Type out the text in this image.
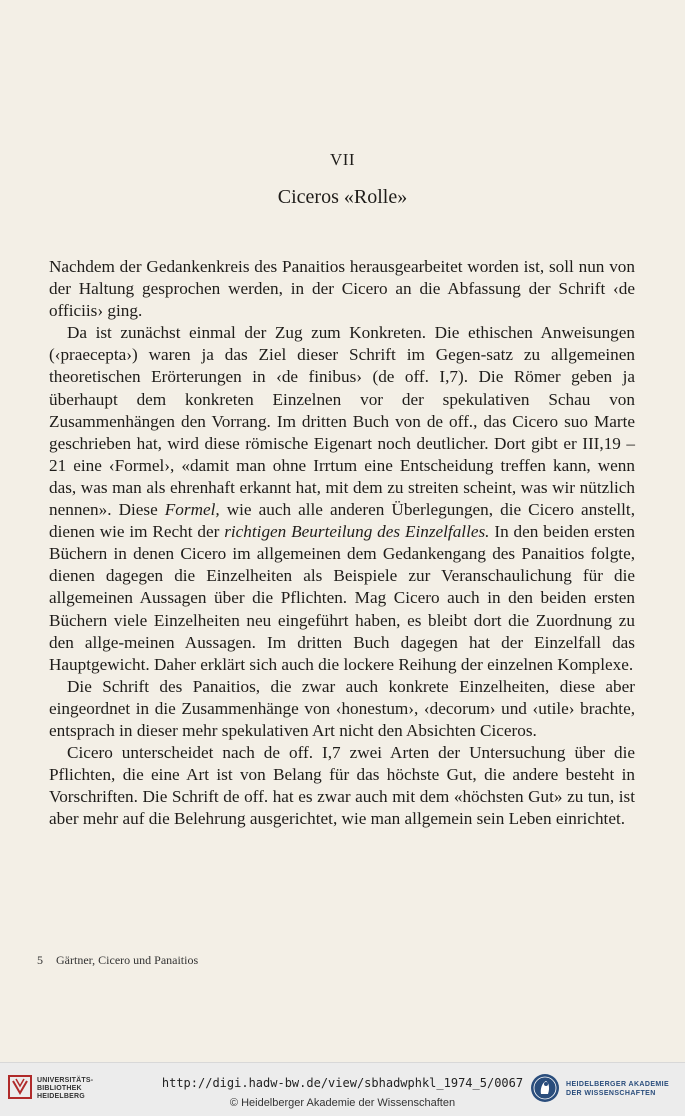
VII
Ciceros «Rolle»

Nachdem der Gedankenkreis des Panaitios herausgearbeitet worden ist, soll nun von der Haltung gesprochen werden, in der Cicero an die Abfassung der Schrift ‹de officiis› ging.

Da ist zunächst einmal der Zug zum Konkreten. Die ethischen Anweisungen (‹praecepta›) waren ja das Ziel dieser Schrift im Gegen-satz zu allgemeinen theoretischen Erörterungen in ‹de finibus› (de off. I,7). Die Römer geben ja überhaupt dem konkreten Einzelnen vor der spekulativen Schau von Zusammenhängen den Vorrang. Im dritten Buch von de off., das Cicero suo Marte geschrieben hat, wird diese römische Eigenart noch deutlicher. Dort gibt er III,19 –21 eine ‹Formel›, «damit man ohne Irrtum eine Entscheidung treffen kann, wenn das, was man als ehrenhaft erkannt hat, mit dem zu streiten scheint, was wir nützlich nennen». Diese Formel, wie auch alle anderen Überlegungen, die Cicero anstellt, dienen wie im Recht der richtigen Beurteilung des Einzelfalles. In den beiden ersten Büchern in denen Cicero im allgemeinen dem Gedankengang des Panaitios folgte, dienen dagegen die Einzelheiten als Beispiele zur Veranschaulichung für die allgemeinen Aussagen über die Pflichten. Mag Cicero auch in den beiden ersten Büchern viele Einzelheiten neu eingeführt haben, es bleibt dort die Zuordnung zu den allge-meinen Aussagen. Im dritten Buch dagegen hat der Einzelfall das Hauptgewicht. Daher erklärt sich auch die lockere Reihung der einzelnen Komplexe.

Die Schrift des Panaitios, die zwar auch konkrete Einzelheiten, diese aber eingeordnet in die Zusammenhänge von ‹honestum›, ‹decorum› und ‹utile› brachte, entsprach in dieser mehr spekulativen Art nicht den Absichten Ciceros.

Cicero unterscheidet nach de off. I,7 zwei Arten der Untersuchung über die Pflichten, die eine Art ist von Belang für das höchste Gut, die andere besteht in Vorschriften. Die Schrift de off. hat es zwar auch mit dem «höchsten Gut» zu tun, ist aber mehr auf die Belehrung ausgerichtet, wie man allgemein sein Leben einrichtet.

5 Gärtner, Cicero und Panaitios
UNIVERSITÄTS-
BIBLIOTHEK
HEIDELBERG
http://digi.hadw-bw.de/view/sbhadwphkl_1974_5/0067
© Heidelberger Akademie der Wissenschaften
HEIDELBERGER AKADEMIE
DER WISSENSCHAFTEN
